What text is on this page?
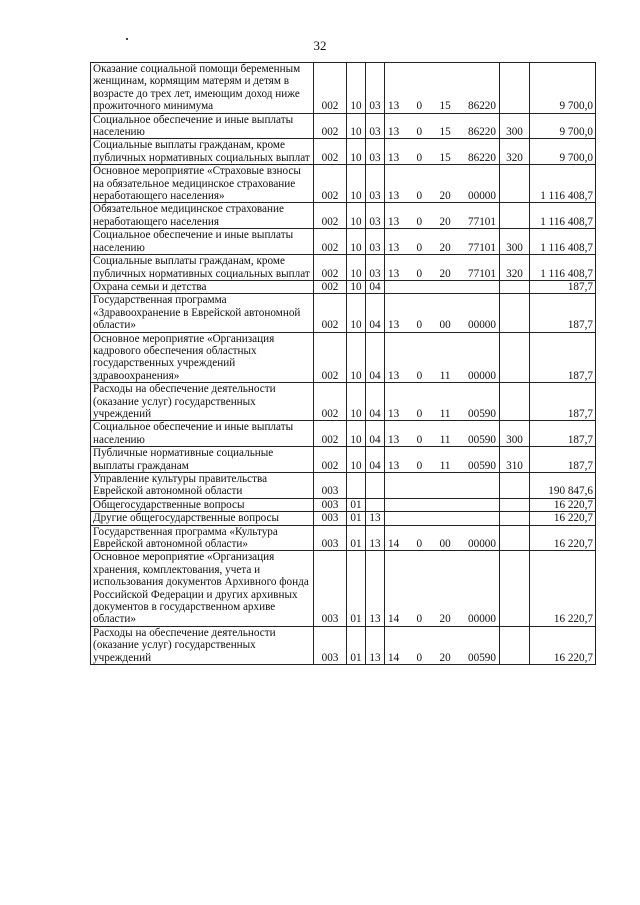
32
Оказание социальной помощи беременным женщинам, кормящим матерям и детям в возрасте до трех лет, имеющим доход ниже прожиточного минимума	002	10	03	13 0 15 86220		9 700,0
Социальное обеспечение и иные выплаты населению	002	10	03	13 0 15 86220	300	9 700,0
Социальные выплаты гражданам, кроме публичных нормативных социальных выплат	002	10	03	13 0 15 86220	320	9 700,0
Основное мероприятие «Страховые взносы на обязательное медицинское страхование неработающего населения»	002	10	03	13 0 20 00000		1 116 408,7
Обязательное медицинское страхование неработающего населения	002	10	03	13 0 20 77101		1 116 408,7
Социальное обеспечение и иные выплаты населению	002	10	03	13 0 20 77101	300	1 116 408,7
Социальные выплаты гражданам, кроме публичных нормативных социальных выплат	002	10	03	13 0 20 77101	320	1 116 408,7
Охрана семьи и детства	002	10	04			187,7
Государственная программа «Здравоохранение в Еврейской автономной области»	002	10	04	13 0 00 00000		187,7
Основное мероприятие «Организация кадрового обеспечения областных государственных учреждений здравоохранения»	002	10	04	13 0 11 00000		187,7
Расходы на обеспечение деятельности (оказание услуг) государственных учреждений	002	10	04	13 0 11 00590		187,7
Социальное обеспечение и иные выплаты населению	002	10	04	13 0 11 00590	300	187,7
Публичные нормативные социальные выплаты гражданам	002	10	04	13 0 11 00590	310	187,7
Управление культуры правительства Еврейской автономной области	003					190 847,6
Общегосударственные вопросы	003	01				16 220,7
Другие общегосударственные вопросы	003	01	13			16 220,7
Государственная программа «Культура Еврейской автономной области»	003	01	13	14 0 00 00000		16 220,7
Основное мероприятие «Организация хранения, комплектования, учета и использования документов Архивного фонда Российской Федерации и других архивных документов в государственном архиве области»	003	01	13	14 0 20 00000		16 220,7
Расходы на обеспечение деятельности (оказание услуг) государственных учреждений	003	01	13	14 0 20 00590		16 220,7
